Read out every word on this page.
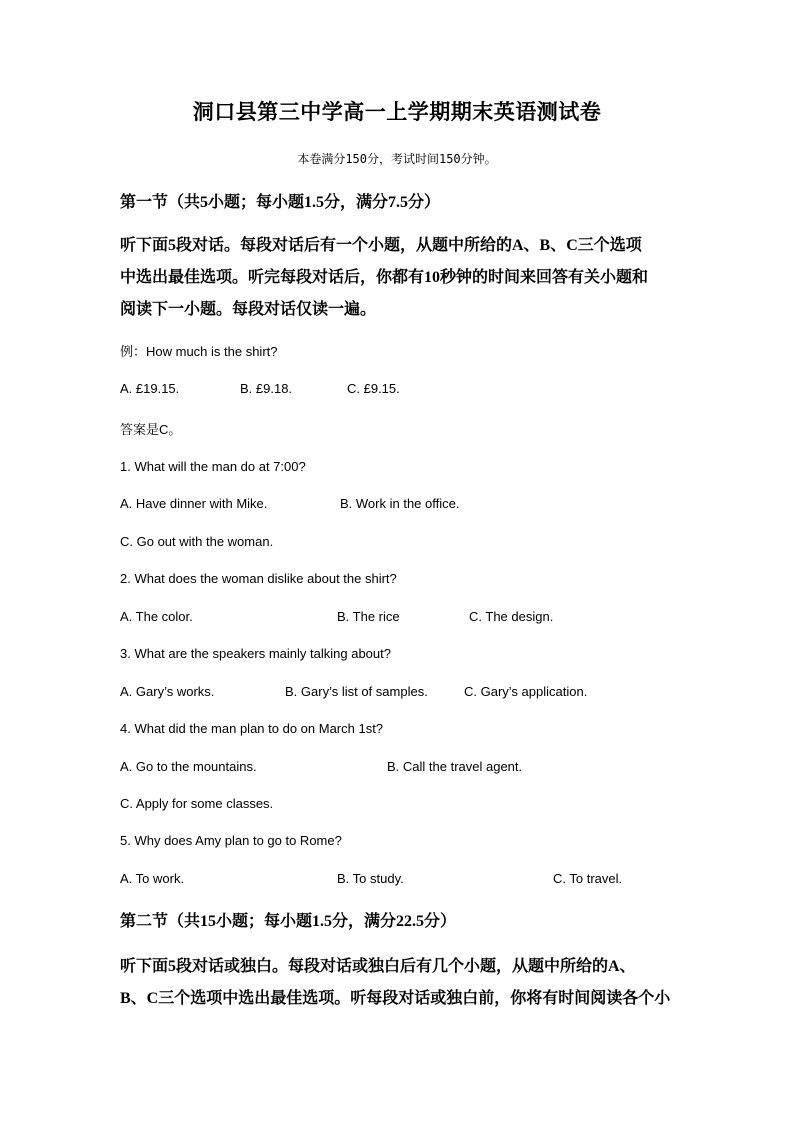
洞口县第三中学高一上学期期末英语测试卷
本卷满分150分，考试时间150分钟。
第一节（共5小题；每小题1.5分，满分7.5分）
听下面5段对话。每段对话后有一个小题，从题中所给的A、B、C三个选项
中选出最佳选项。听完每段对话后，你都有10秒钟的时间来回答有关小题和
阅读下一小题。每段对话仅读一遍。
例：How much is the shirt?
A. £19.15.	B. £9.18.	C. £9.15.
答案是C。
1. What will the man do at 7:00?
A. Have dinner with Mike.	B. Work in the office.
C. Go out with the woman.
2. What does the woman dislike about the shirt?
A. The color.	B. The rice	C. The design.
3. What are the speakers mainly talking about?
A. Gary’s works.	B. Gary’s list of samples.	C. Gary’s application.
4. What did the man plan to do on March 1st?
A. Go to the mountains.	B. Call the travel agent.
C. Apply for some classes.
5. Why does Amy plan to go to Rome?
A. To work.	B. To study.	C. To travel.
第二节（共15小题；每小题1.5分，满分22.5分）
听下面5段对话或独白。每段对话或独白后有几个小题，从题中所给的A、
B、C三个选项中选出最佳选项。听每段对话或独白前，你将有时间阅读各个小
